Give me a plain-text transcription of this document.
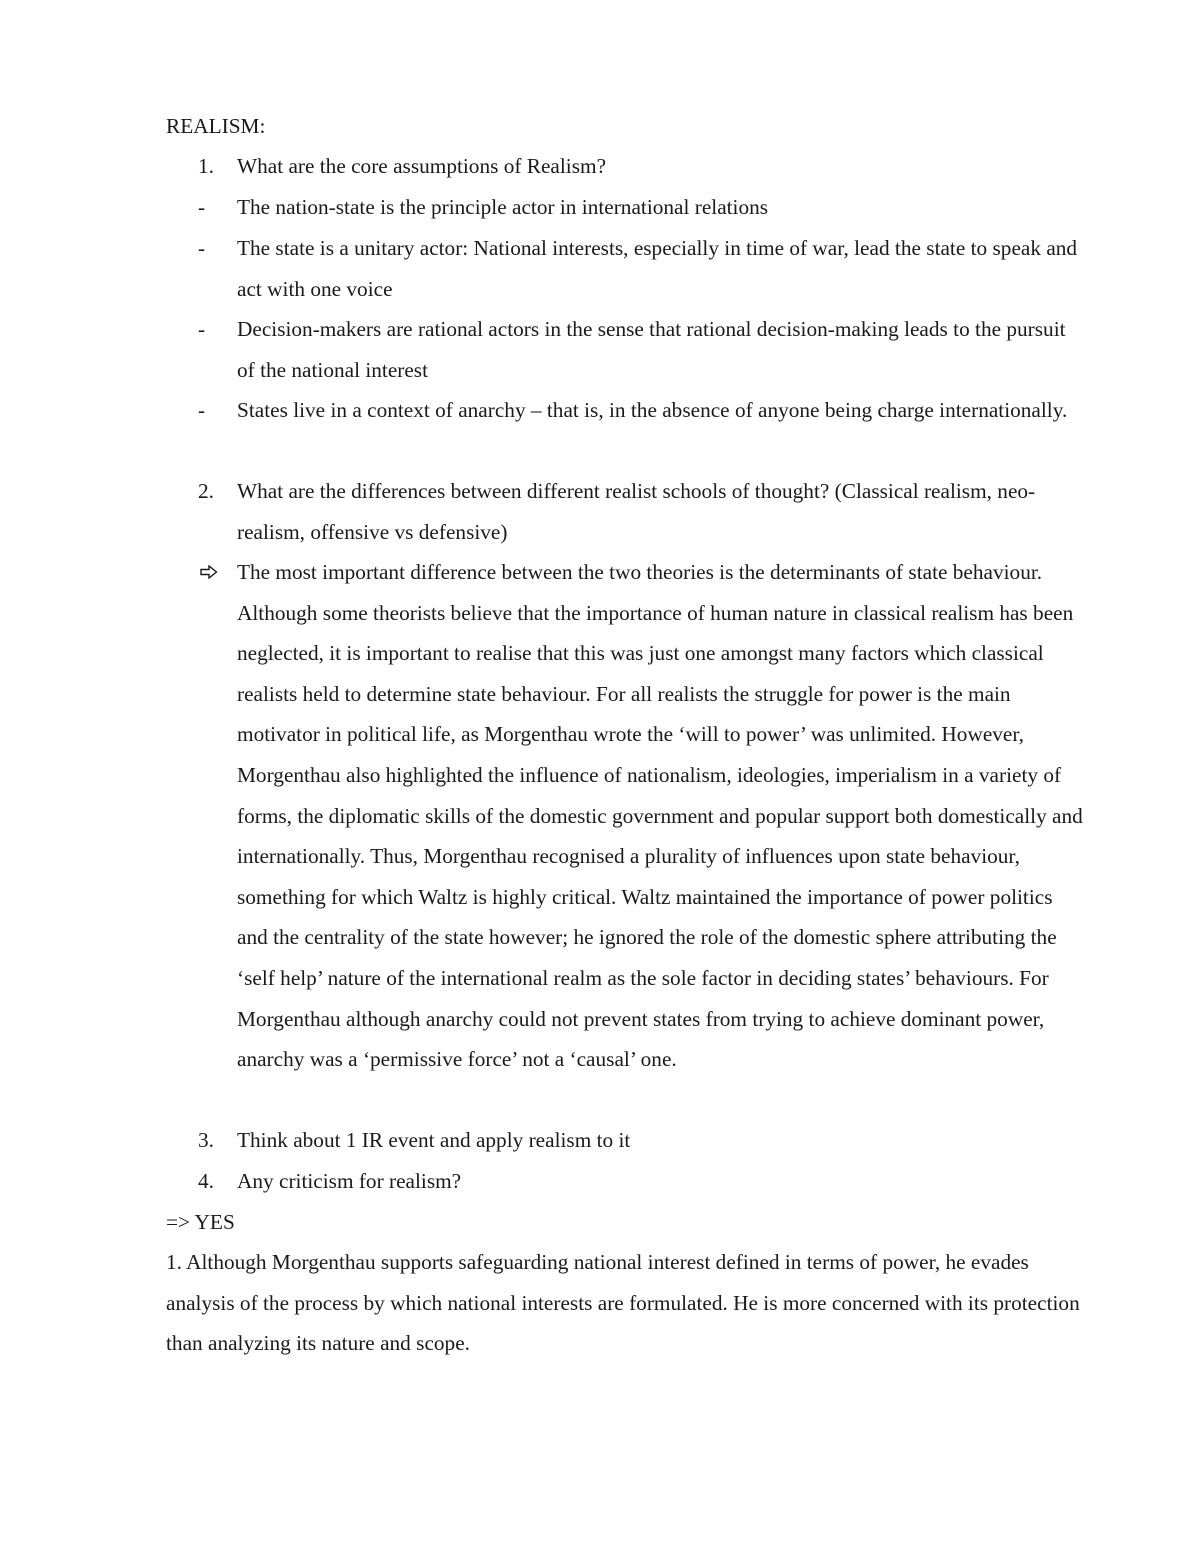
REALISM:
1.	What are the core assumptions of Realism?
-	The nation-state is the principle actor in international relations
-	The state is a unitary actor: National interests, especially in time of war, lead the state to speak and act with one voice
-	Decision-makers are rational actors in the sense that rational decision-making leads to the pursuit of the national interest
-	States live in a context of anarchy – that is, in the absence of anyone being charge internationally.
2.	What are the differences between different realist schools of thought? (Classical realism, neo-realism, offensive vs defensive)
The most important difference between the two theories is the determinants of state behaviour. Although some theorists believe that the importance of human nature in classical realism has been neglected, it is important to realise that this was just one amongst many factors which classical realists held to determine state behaviour. For all realists the struggle for power is the main motivator in political life, as Morgenthau wrote the ‘will to power’ was unlimited. However, Morgenthau also highlighted the influence of nationalism, ideologies, imperialism in a variety of forms, the diplomatic skills of the domestic government and popular support both domestically and internationally. Thus, Morgenthau recognised a plurality of influences upon state behaviour, something for which Waltz is highly critical. Waltz maintained the importance of power politics and the centrality of the state however; he ignored the role of the domestic sphere attributing the ‘self help’ nature of the international realm as the sole factor in deciding states’ behaviours. For Morgenthau although anarchy could not prevent states from trying to achieve dominant power, anarchy was a ‘permissive force’ not a ‘causal’ one.
3.	Think about 1 IR event and apply realism to it
4.	Any criticism for realism?
=> YES
1. Although Morgenthau supports safeguarding national interest defined in terms of power, he evades analysis of the process by which national interests are formulated. He is more concerned with its protection than analyzing its nature and scope.
